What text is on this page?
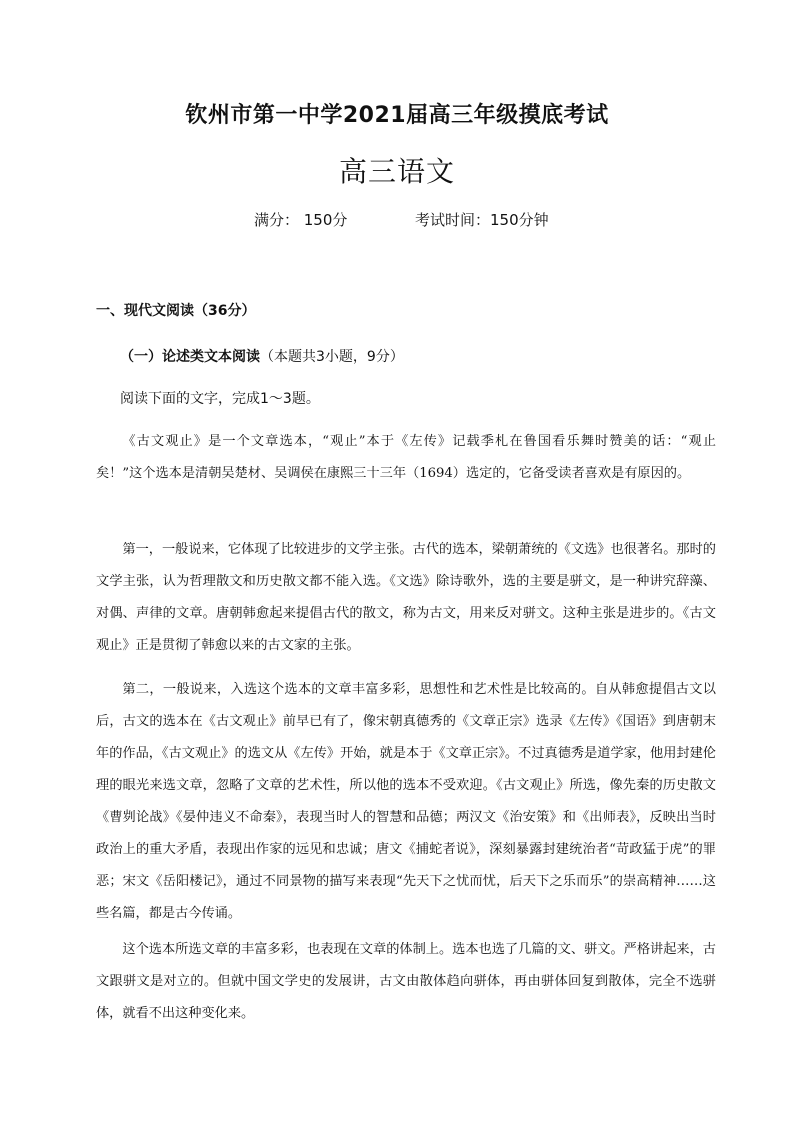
钦州市第一中学2021届高三年级摸底考试
高三语文
满分： 150分	考试时间：150分钟
一、现代文阅读（36分）

（一）论述类文本阅读（本题共3小题，9分）

阅读下面的文字，完成1～3题。

《古文观止》是一个文章选本，“观止”本于《左传》记载季札在鲁国看乐舞时赞美的话：“观止矣！”这个选本是清朝吴楚材、吴调侯在康熙三十三年（1694）选定的，它备受读者喜欢是有原因的。

第一，一般说来，它体现了比较进步的文学主张。古代的选本，梁朝萧统的《文选》也很著名。那时的文学主张，认为哲理散文和历史散文都不能入选。《文选》除诗歌外，选的主要是骈文，是一种讲究辞藻、对偶、声律的文章。唐朝韩愈起来提倡古代的散文，称为古文，用来反对骈文。这种主张是进步的。《古文观止》正是贯彻了韩愈以来的古文家的主张。

第二，一般说来，入选这个选本的文章丰富多彩，思想性和艺术性是比较高的。自从韩愈提倡古文以后，古文的选本在《古文观止》前早已有了，像宋朝真德秀的《文章正宗》选录《左传》《国语》到唐朝末年的作品，《古文观止》的选文从《左传》开始，就是本于《文章正宗》。不过真德秀是道学家，他用封建伦理的眼光来选文章，忽略了文章的艺术性，所以他的选本不受欢迎。《古文观止》所选，像先秦的历史散文《曹刿论战》《晏仲违义不命秦》，表现当时人的智慧和品德；两汉文《治安策》和《出师表》，反映出当时政治上的重大矛盾，表现出作家的远见和忠诚；唐文《捕蛇者说》，深刻暴露封建统治者“苛政猛于虎”的罪恶；宋文《岳阳楼记》，通过不同景物的描写来表现“先天下之忧而忧，后天下之乐而乐”的崇高精神……这些名篇，都是古今传诵。

这个选本所选文章的丰富多彩，也表现在文章的体制上。选本也选了几篇的文、骈文。严格讲起来，古文跟骈文是对立的。但就中国文学史的发展讲，古文由散体趋向骈体，再由骈体回复到散体，完全不选骈体，就看不出这种变化来。
